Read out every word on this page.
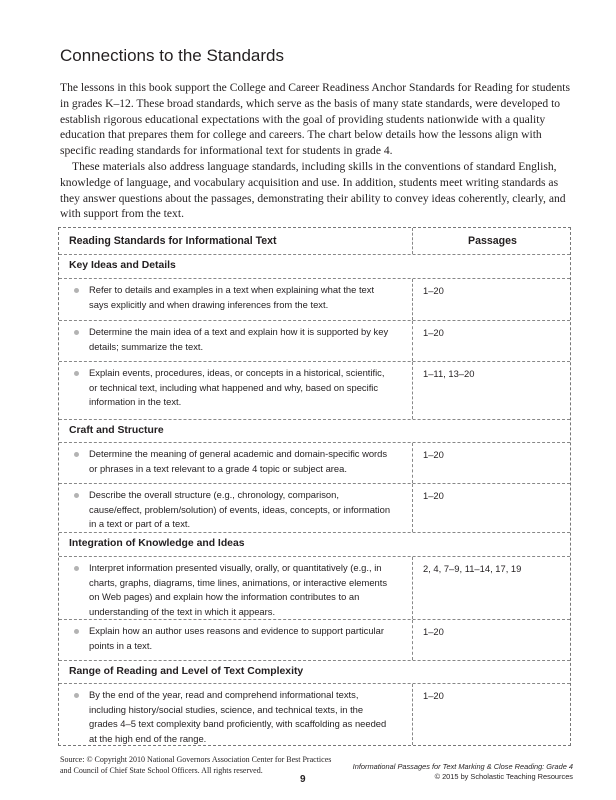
Connections to the Standards

The lessons in this book support the College and Career Readiness Anchor Standards for Reading for students in grades K–12. These broad standards, which serve as the basis of many state standards, were developed to establish rigorous educational expectations with the goal of providing students nationwide with a quality education that prepares them for college and careers. The chart below details how the lessons align with specific reading standards for informational text for students in grade 4.

These materials also address language standards, including skills in the conventions of standard English, knowledge of language, and vocabulary acquisition and use. In addition, students meet writing standards as they answer questions about the passages, demonstrating their ability to convey ideas coherently, clearly, and with support from the text.

Reading Standards for Informational Text	Passages
Key Ideas and Details
Refer to details and examples in a text when explaining what the text says explicitly and when drawing inferences from the text.
1–20
Determine the main idea of a text and explain how it is supported by key details; summarize the text.
1–20
Explain events, procedures, ideas, or concepts in a historical, scientific, or technical text, including what happened and why, based on specific information in the text.
1–11, 13–20
Craft and Structure
Determine the meaning of general academic and domain-specific words or phrases in a text relevant to a grade 4 topic or subject area.
1–20
Describe the overall structure (e.g., chronology, comparison, cause/effect, problem/solution) of events, ideas, concepts, or information in a text or part of a text.
1–20
Integration of Knowledge and Ideas
Interpret information presented visually, orally, or quantitatively (e.g., in charts, graphs, diagrams, time lines, animations, or interactive elements on Web pages) and explain how the information contributes to an understanding of the text in which it appears.
2, 4, 7–9, 11–14, 17, 19
Explain how an author uses reasons and evidence to support particular points in a text.
1–20
Range of Reading and Level of Text Complexity
By the end of the year, read and comprehend informational texts, including history/social studies, science, and technical texts, in the grades 4–5 text complexity band proficiently, with scaffolding as needed at the high end of the range.
1–20
Source: © Copyright 2010 National Governors Association Center for Best Practices
and Council of Chief State School Officers. All rights reserved.
9
Informational Passages for Text Marking & Close Reading: Grade 4
© 2015 by Scholastic Teaching Resources
